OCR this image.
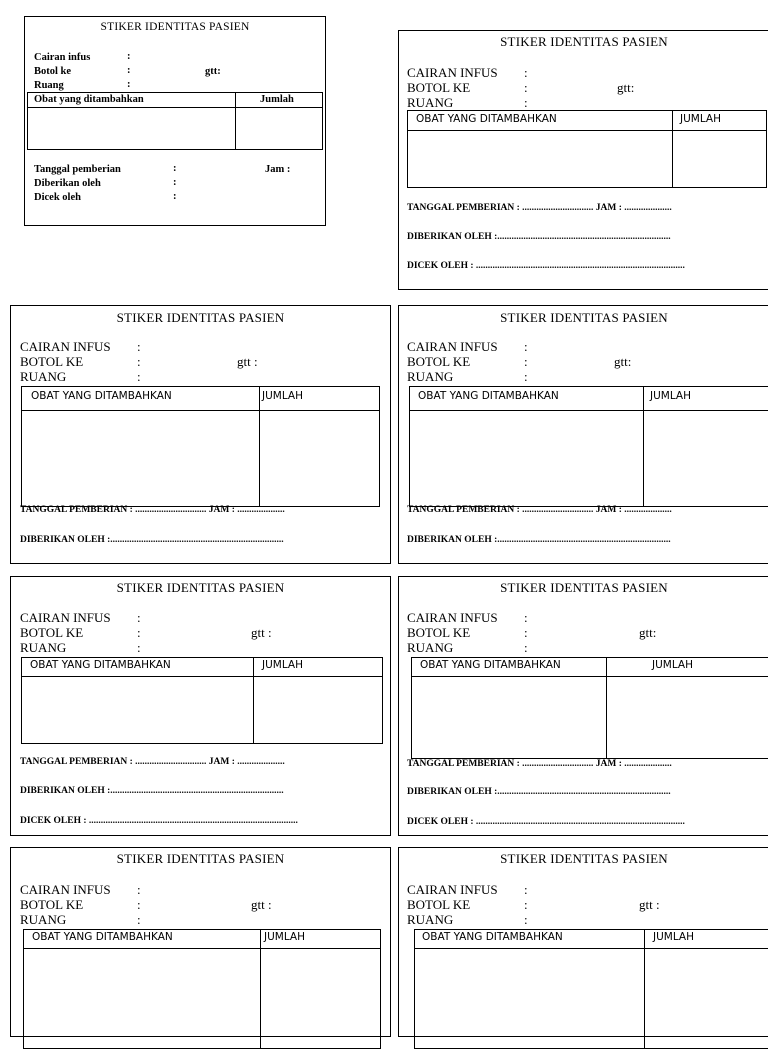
STIKER IDENTITAS PASIEN
Cairan infus	:
Botol ke	:	gtt:
Ruang	:
Obat yang ditambahkan	Jumlah
Tanggal pemberian	:	Jam :
Diberikan oleh	:
Dicek oleh	:
STIKER IDENTITAS PASIEN
CAIRAN INFUS :
BOTOL KE	:	gtt:
RUANG	:
OBAT YANG DITAMBAHKAN	JUMLAH
TANGGAL PEMBERIAN : .............................. JAM : ....................
DIBERIKAN OLEH :.........................................................................
DICEK OLEH : ........................................................................................
STIKER IDENTITAS PASIEN
CAIRAN INFUS :
BOTOL KE	:	gtt :
RUANG	:
OBAT YANG DITAMBAHKAN	JUMLAH
TANGGAL PEMBERIAN : .............................. JAM : ....................
DIBERIKAN OLEH :.........................................................................
STIKER IDENTITAS PASIEN
CAIRAN INFUS :
BOTOL KE	:	gtt:
RUANG	:
OBAT YANG DITAMBAHKAN	JUMLAH
TANGGAL PEMBERIAN : .............................. JAM : ....................
DIBERIKAN OLEH :.........................................................................
STIKER IDENTITAS PASIEN
CAIRAN INFUS :
BOTOL KE	:	gtt :
RUANG	:
OBAT YANG DITAMBAHKAN	JUMLAH
TANGGAL PEMBERIAN : .............................. JAM : ....................
DIBERIKAN OLEH :.........................................................................
DICEK OLEH : ........................................................................................
STIKER IDENTITAS PASIEN
CAIRAN INFUS :
BOTOL KE	:	gtt:
RUANG	:
OBAT YANG DITAMBAHKAN	JUMLAH
TANGGAL PEMBERIAN : .............................. JAM : ....................
DIBERIKAN OLEH :.........................................................................
DICEK OLEH : ........................................................................................
STIKER IDENTITAS PASIEN
CAIRAN INFUS :
BOTOL KE	:	gtt :
RUANG	:
OBAT YANG DITAMBAHKAN	JUMLAH
STIKER IDENTITAS PASIEN
CAIRAN INFUS :
BOTOL KE	:	gtt :
RUANG	:
OBAT YANG DITAMBAHKAN	JUMLAH
